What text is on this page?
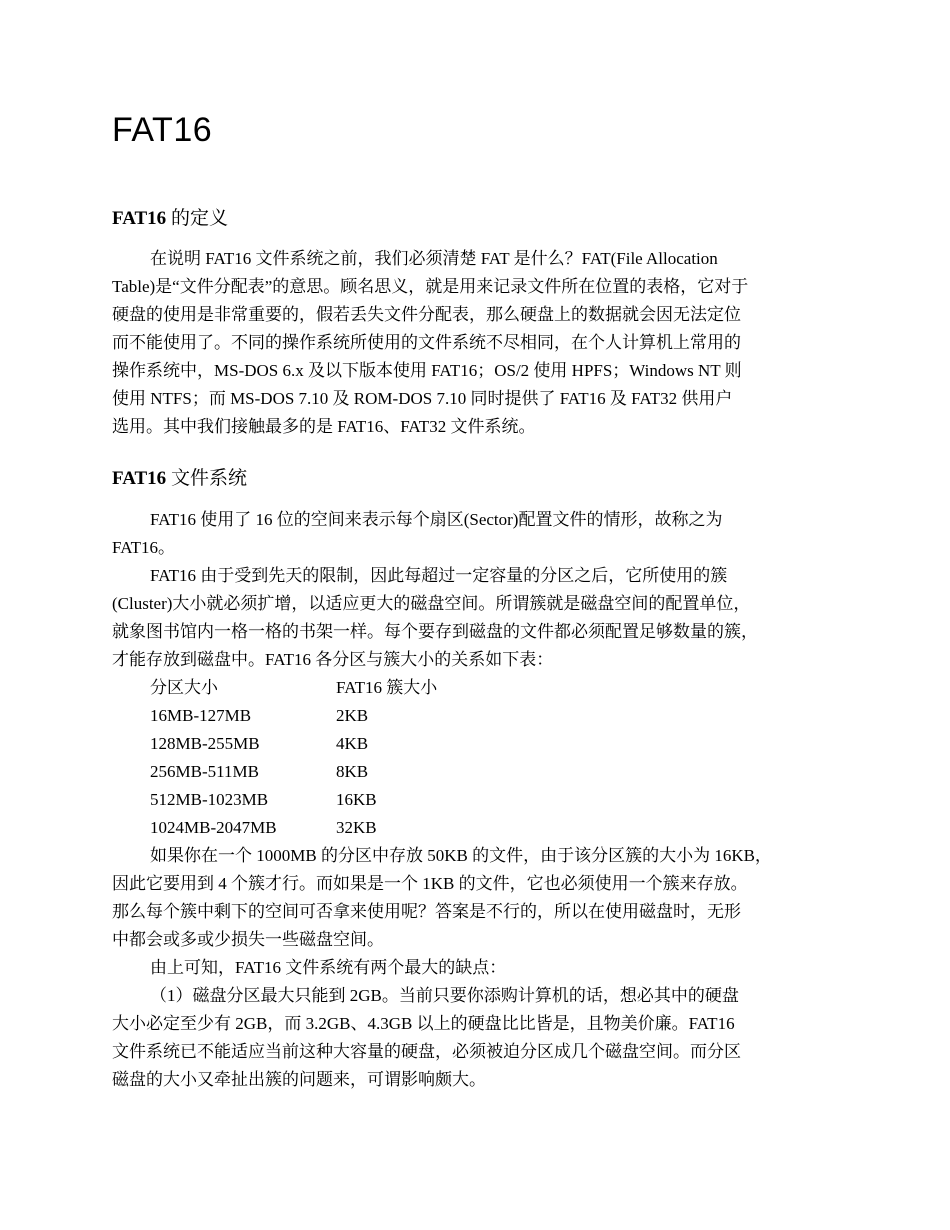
FAT16
FAT16 的定义

在说明 FAT16 文件系统之前，我们必须清楚 FAT 是什么？FAT(File Allocation

Table)是“文件分配表”的意思。顾名思义，就是用来记录文件所在位置的表格，它对于

硬盘的使用是非常重要的，假若丢失文件分配表，那么硬盘上的数据就会因无法定位

而不能使用了。不同的操作系统所使用的文件系统不尽相同，在个人计算机上常用的

操作系统中，MS-DOS 6.x 及以下版本使用 FAT16；OS/2 使用 HPFS；Windows NT 则

使用 NTFS；而 MS-DOS 7.10 及 ROM-DOS 7.10 同时提供了 FAT16 及 FAT32 供用户

选用。其中我们接触最多的是 FAT16、FAT32 文件系统。

FAT16 文件系统

FAT16 使用了 16 位的空间来表示每个扇区(Sector)配置文件的情形，故称之为

FAT16。

FAT16 由于受到先天的限制，因此每超过一定容量的分区之后，它所使用的簇

(Cluster)大小就必须扩增，以适应更大的磁盘空间。所谓簇就是磁盘空间的配置单位，

就象图书馆内一格一格的书架一样。每个要存到磁盘的文件都必须配置足够数量的簇，

才能存放到磁盘中。FAT16 各分区与簇大小的关系如下表：

分区大小	FAT16 簇大小

16MB-127MB	2KB

128MB-255MB	4KB

256MB-511MB	8KB

512MB-1023MB	16KB

1024MB-2047MB	32KB

如果你在一个 1000MB 的分区中存放 50KB 的文件，由于该分区簇的大小为 16KB，

因此它要用到 4 个簇才行。而如果是一个 1KB 的文件，它也必须使用一个簇来存放。

那么每个簇中剩下的空间可否拿来使用呢？答案是不行的，所以在使用磁盘时，无形

中都会或多或少损失一些磁盘空间。

由上可知，FAT16 文件系统有两个最大的缺点：

（1）磁盘分区最大只能到 2GB。当前只要你添购计算机的话，想必其中的硬盘

大小必定至少有 2GB，而 3.2GB、4.3GB 以上的硬盘比比皆是，且物美价廉。FAT16

文件系统已不能适应当前这种大容量的硬盘，必须被迫分区成几个磁盘空间。而分区

磁盘的大小又牵扯出簇的问题来，可谓影响颇大。
